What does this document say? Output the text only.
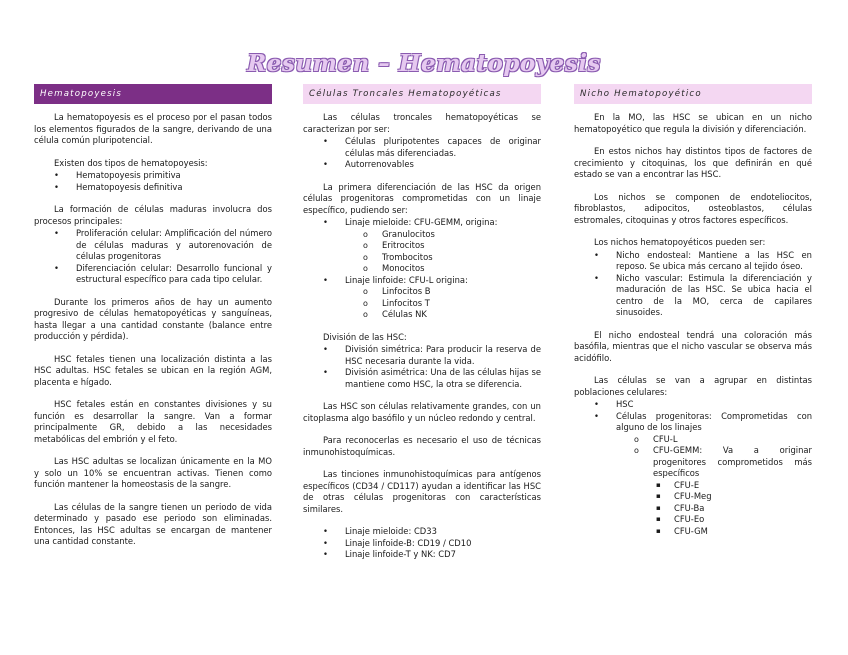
Resumen – Hematopoyesis
Hematopoyesis

La hematopoyesis es el proceso por el pasan todos los elementos figurados de la sangre, derivando de una célula común pluripotencial.

Existen dos tipos de hematopoyesis:

• Hematopoyesis primitiva
• Hematopoyesis definitiva

La formación de células maduras involucra dos procesos principales:

• Proliferación celular: Amplificación del número de células maduras y autorenovación de células progenitoras
• Diferenciación celular: Desarrollo funcional y estructural específico para cada tipo celular.

Durante los primeros años de hay un aumento progresivo de células hematopoyéticas y sanguíneas, hasta llegar a una cantidad constante (balance entre producción y pérdida).

HSC fetales tienen una localización distinta a las HSC adultas. HSC fetales se ubican en la región AGM, placenta e hígado.

HSC fetales están en constantes divisiones y su función es desarrollar la sangre. Van a formar principalmente GR, debido a las necesidades metabólicas del embrión y el feto.

Las HSC adultas se localizan únicamente en la MO y solo un 10% se encuentran activas. Tienen como función mantener la homeostasis de la sangre.

Las células de la sangre tienen un periodo de vida determinado y pasado ese periodo son eliminadas. Entonces, las HSC adultas se encargan de mantener una cantidad constante.

Células Troncales Hematopoyéticas

Las células troncales hematopoyéticas se caracterizan por ser:

• Células pluripotentes capaces de originar células más diferenciadas.
• Autorrenovables

La primera diferenciación de las HSC da origen células progenitoras comprometidas con un linaje específico, pudiendo ser:

• Linaje mieloide: CFU-GEMM, origina:
o Granulocitos
o Eritrocitos
o Trombocitos
o Monocitos
• Linaje linfoide: CFU-L origina:
o Linfocitos B
o Linfocitos T
o Células NK

División de las HSC:

• División simétrica: Para producir la reserva de HSC necesaria durante la vida.
• División asimétrica: Una de las células hijas se mantiene como HSC, la otra se diferencia.

Las HSC son células relativamente grandes, con un citoplasma algo basófilo y un núcleo redondo y central.

Para reconocerlas es necesario el uso de técnicas inmunohistoquímicas.

Las tinciones inmunohistoquímicas para antígenos específicos (CD34 / CD117) ayudan a identificar las HSC de otras células progenitoras con características similares.

• Linaje mieloide: CD33
• Linaje linfoide-B: CD19 / CD10
• Linaje linfoide-T y NK: CD7
Nicho Hematopoyético

En la MO, las HSC se ubican en un nicho hematopoyético que regula la división y diferenciación.

En estos nichos hay distintos tipos de factores de crecimiento y citoquinas, los que definirán en qué estado se van a encontrar las HSC.

Los nichos se componen de endoteliocitos, fibroblastos, adipocitos, osteoblastos, células estromales, citoquinas y otros factores específicos.

Los nichos hematopoyéticos pueden ser:

• Nicho endosteal: Mantiene a las HSC en reposo. Se ubica más cercano al tejido óseo.
• Nicho vascular: Estimula la diferenciación y maduración de las HSC. Se ubica hacia el centro de la MO, cerca de capilares sinusoides.

El nicho endosteal tendrá una coloración más basófila, mientras que el nicho vascular se observa más acidófilo.

Las células se van a agrupar en distintas poblaciones celulares:

• HSC
• Células progenitoras: Comprometidas con alguno de los linajes
o CFU-L
o CFU-GEMM: Va a originar progenitores comprometidos más específicos
▪ CFU-E
▪ CFU-Meg
▪ CFU-Ba
▪ CFU-Eo
▪ CFU-GM
